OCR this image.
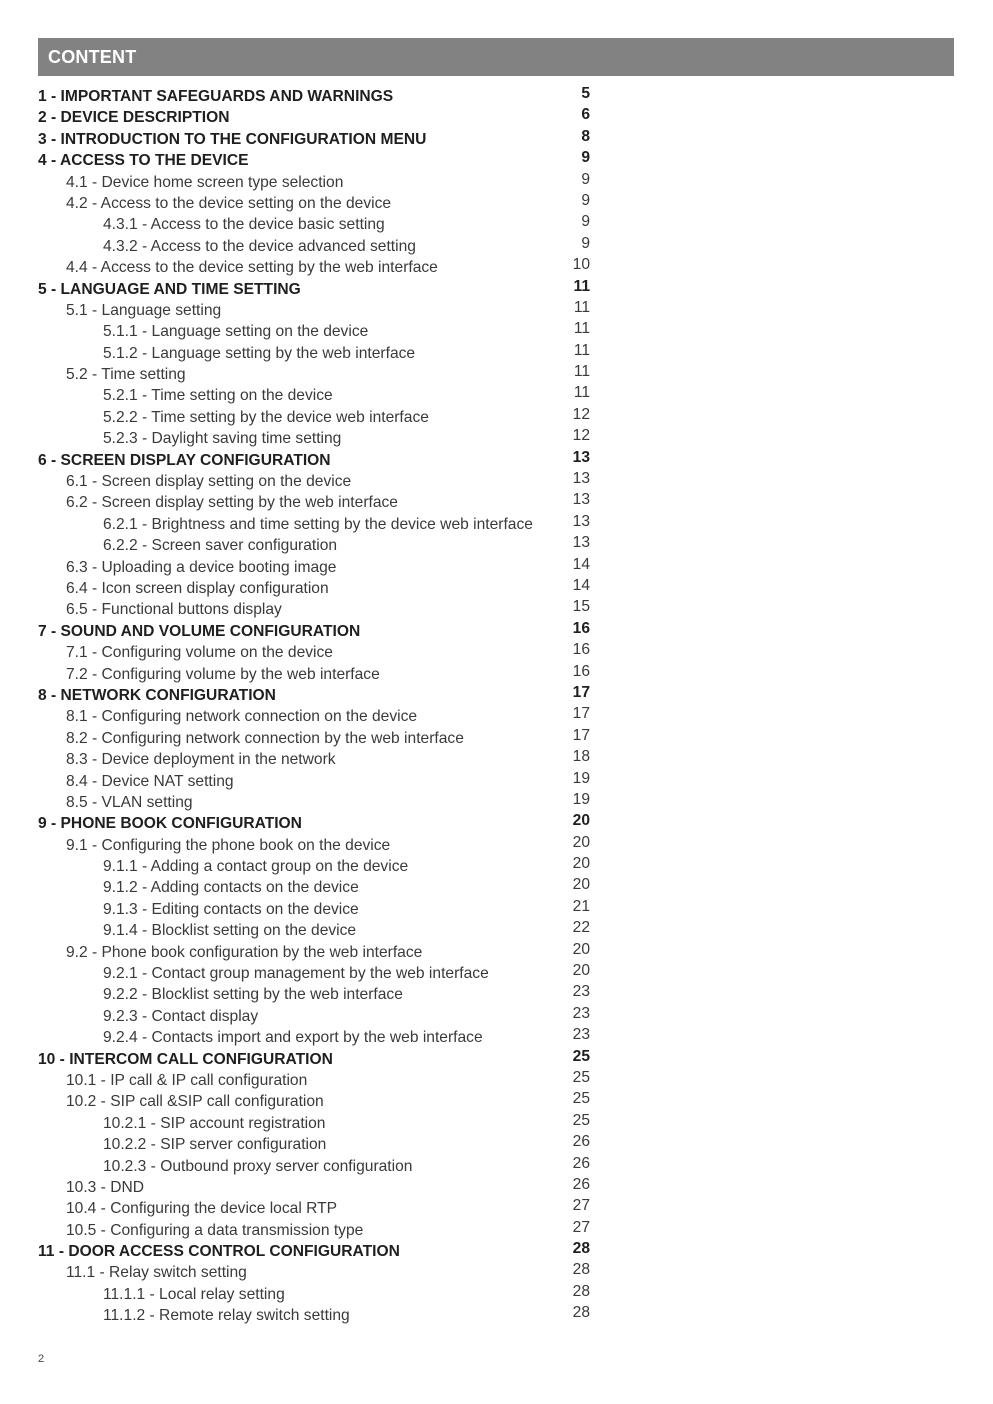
CONTENT
1 - IMPORTANT SAFEGUARDS AND WARNINGS	5
2 - DEVICE DESCRIPTION	6
3 - INTRODUCTION TO THE CONFIGURATION MENU	8
4 - ACCESS TO THE DEVICE	9
4.1 - Device home screen type selection	9
4.2 - Access to the device setting on the device	9
4.3.1 - Access to the device basic setting	9
4.3.2 - Access to the device advanced setting	9
4.4 - Access to the device setting by the web interface	10
5 - LANGUAGE AND TIME SETTING	11
5.1 - Language setting	11
5.1.1 - Language setting on the device	11
5.1.2 - Language setting by the web interface	11
5.2 - Time setting	11
5.2.1 - Time setting on the device	11
5.2.2 - Time setting by the device web interface	12
5.2.3 - Daylight saving time setting	12
6 - SCREEN DISPLAY CONFIGURATION	13
6.1 - Screen display setting on the device	13
6.2 - Screen display setting by the web interface	13
6.2.1 - Brightness and time setting by the device web interface	13
6.2.2 - Screen saver configuration	13
6.3 - Uploading a device booting image	14
6.4 - Icon screen display configuration	14
6.5 - Functional buttons display	15
7 - SOUND AND VOLUME CONFIGURATION	16
7.1 - Configuring volume on the device	16
7.2 - Configuring volume by the web interface	16
8 - NETWORK CONFIGURATION	17
8.1 - Configuring network connection on the device	17
8.2 - Configuring network connection by the web interface	17
8.3 - Device deployment in the network	18
8.4 - Device NAT setting	19
8.5 - VLAN setting	19
9 - PHONE BOOK CONFIGURATION	20
9.1 - Configuring the phone book on the device	20
9.1.1 - Adding a contact group on the device	20
9.1.2 - Adding contacts on the device	20
9.1.3 - Editing contacts on the device	21
9.1.4 - Blocklist setting on the device	22
9.2 - Phone book configuration by the web interface	20
9.2.1 - Contact group management by the web interface	20
9.2.2 - Blocklist setting by the web interface	23
9.2.3 - Contact display	23
9.2.4 - Contacts import and export by the web interface	23
10 - INTERCOM CALL CONFIGURATION	25
10.1 - IP call & IP call configuration	25
10.2 - SIP call &SIP call configuration	25
10.2.1 - SIP account registration	25
10.2.2 - SIP server configuration	26
10.2.3 - Outbound proxy server configuration	26
10.3 - DND	26
10.4 - Configuring the device local RTP	27
10.5 - Configuring a data transmission type	27
11 - DOOR ACCESS CONTROL CONFIGURATION	28
11.1 - Relay switch setting	28
11.1.1 - Local relay setting	28
11.1.2 - Remote relay switch setting	28
2
